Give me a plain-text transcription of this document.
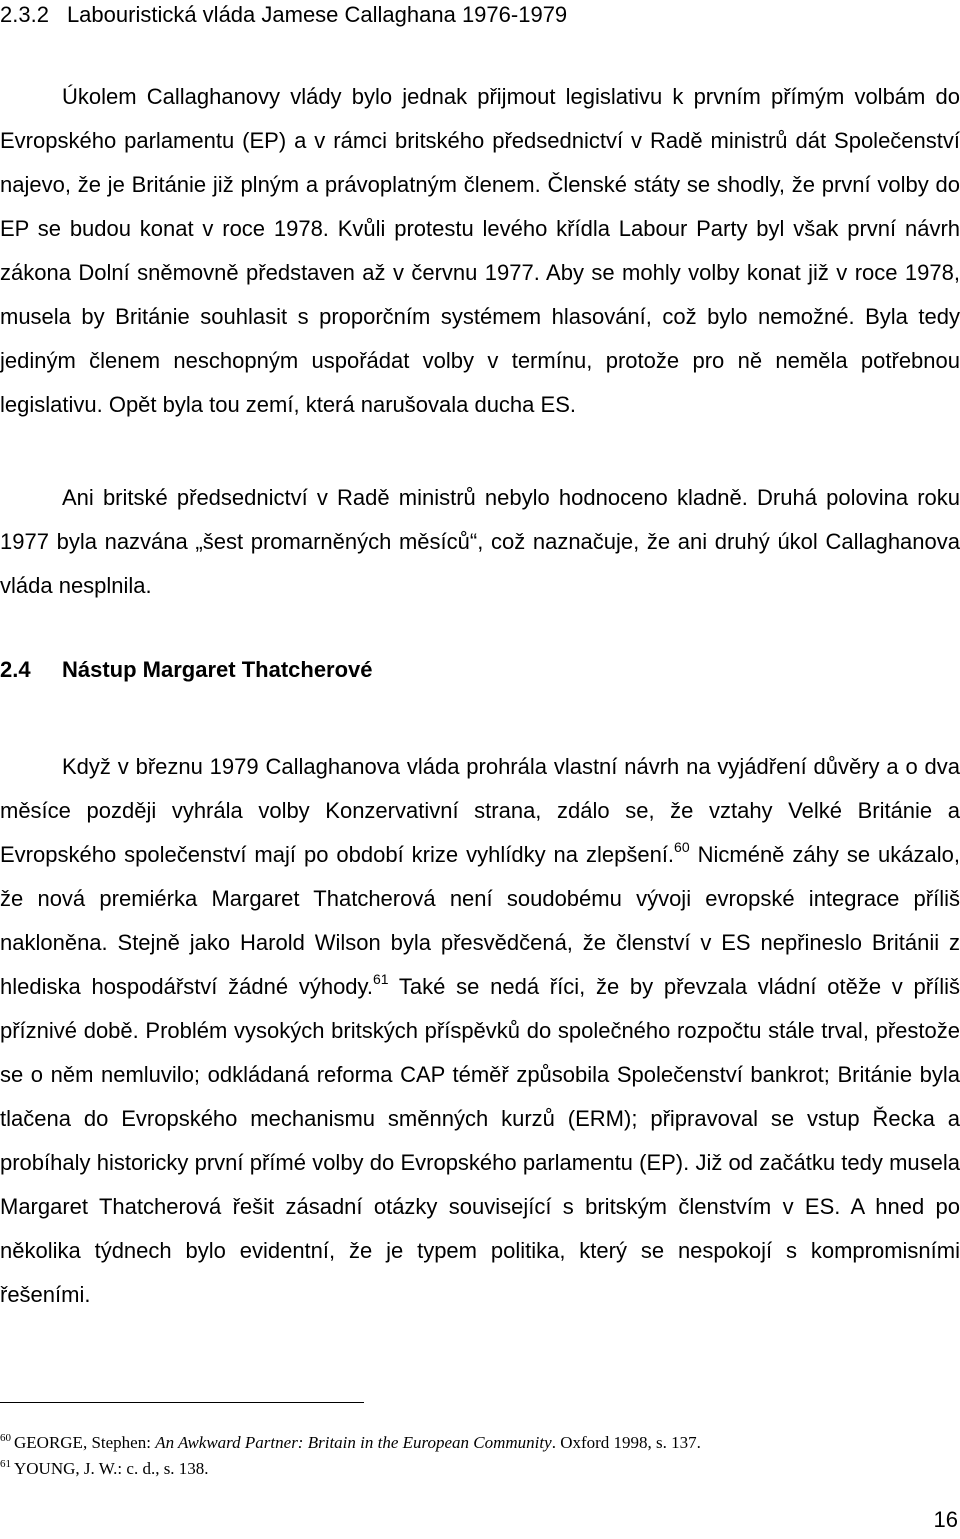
2.3.2 Labouristická vláda Jamese Callaghana 1976-1979

Úkolem Callaghanovy vlády bylo jednak přijmout legislativu k prvním přímým volbám do Evropského parlamentu (EP) a v rámci britského předsednictví v Radě ministrů dát Společenství najevo, že je Británie již plným a právoplatným členem. Členské státy se shodly, že první volby do EP se budou konat v roce 1978. Kvůli protestu levého křídla Labour Party byl však první návrh zákona Dolní sněmovně představen až v červnu 1977. Aby se mohly volby konat již v roce 1978, musela by Británie souhlasit s proporčním systémem hlasování, což bylo nemožné. Byla tedy jediným členem neschopným uspořádat volby v termínu, protože pro ně neměla potřebnou legislativu. Opět byla tou zemí, která narušovala ducha ES.

Ani britské předsednictví v Radě ministrů nebylo hodnoceno kladně. Druhá polovina roku 1977 byla nazvána „šest promarněných měsíců“, což naznačuje, že ani druhý úkol Callaghanova vláda nesplnila.

2.4 Nástup Margaret Thatcherové

Když v březnu 1979 Callaghanova vláda prohrála vlastní návrh na vyjádření důvěry a o dva měsíce později vyhrála volby Konzervativní strana, zdálo se, že vztahy Velké Británie a Evropského společenství mají po období krize vyhlídky na zlepšení.$^{60}$ Nicméně záhy se ukázalo, že nová premiérka Margaret Thatcherová není soudobému vývoji evropské integrace příliš nakloněna. Stejně jako Harold Wilson byla přesvědčená, že členství v ES nepřineslo Británii z hlediska hospodářství žádné výhody.$^{61}$ Také se nedá říci, že by převzala vládní otěže v příliš příznivé době. Problém vysokých britských příspěvků do společného rozpočtu stále trval, přestože se o něm nemluvilo; odkládaná reforma CAP téměř způsobila Společenství bankrot; Británie byla tlačena do Evropského mechanismu směnných kurzů (ERM); připravoval se vstup Řecka a probíhaly historicky první přímé volby do Evropského parlamentu (EP). Již od začátku tedy musela Margaret Thatcherová řešit zásadní otázky související s britským členstvím v ES. A hned po několika týdnech bylo evidentní, že je typem politika, který se nespokojí s kompromisními řešeními.

$^{60}$ GEORGE, Stephen: An Awkward Partner: Britain in the European Community. Oxford 1998, s. 137.
$^{61}$ YOUNG, J. W.: c. d., s. 138.
16
